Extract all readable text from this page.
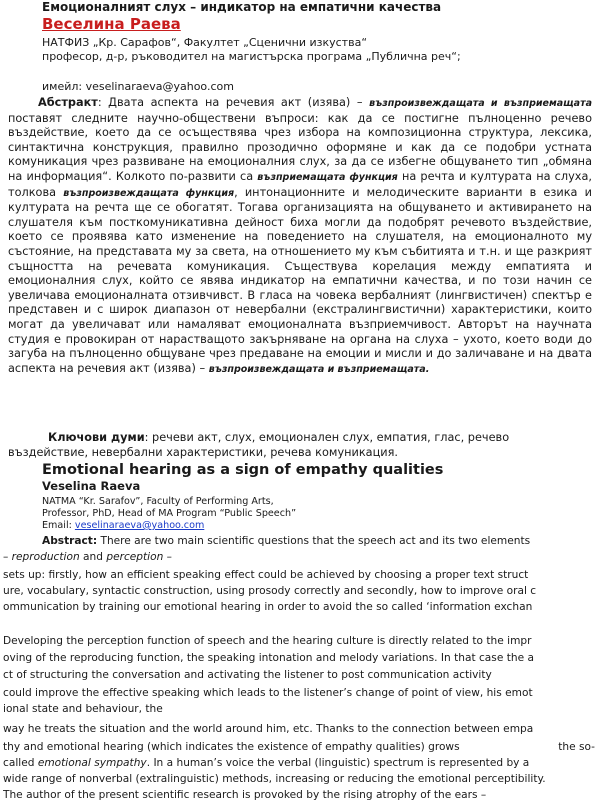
Емоционалният слух – индикатор на емпатични качества
Веселина Раева
НАТФИЗ „Кр. Сарафов“, Факултет „Сценични изкуства“
професор, д-р, ръководител на магистърска програма „Публична реч“;
имейл: veselinaraeva@yahoo.com
Абстракт: Двата аспекта на речевия акт (изява) – възпроизвеждащата и възприемащата поставят следните научно-обществени въпроси: как да се постигне пълноценно речево въздействие, което да се осъществява чрез избора на композиционна структура, лексика, синтактична конструкция, правилно прозодично оформяне и как да се подобри устната комуникация чрез развиване на емоционалния слух, за да се избегне общуването тип „обмяна на информация“. Колкото по-развити са възприемащата функция на речта и културата на слуха, толкова възпроизвеждащата функция, интонационните и мелодическите варианти в езика и културата на речта ще се обогатят. Тогава организацията на общуването и активирането на слушателя към посткомуникативна дейност биха могли да подобрят речевото въздействие, което се проявява като изменение на поведението на слушателя, на емоционалното му състояние, на представата му за света, на отношението му към събитията и т.н. и ще разкрият същността на речевата комуникация. Съществува корелация между емпатията и емоционалния слух, който се явява индикатор на емпатични качества, и по този начин се увеличава емоционалната отзивчивст. В гласа на човека вербалният (лингвистичен) спектър е представен и с широк диапазон от невербални (екстралингвистични) характеристики, които могат да увеличават или намаляват емоционалната възприемчивост. Авторът на научната студия е провокиран от нарастващото закърняване на органа на слуха – ухото, което води до загуба на пълноценно общуване чрез предаване на емоции и мисли и до заличаване и на двата аспекта на речевия акт (изява) – възпроизвеждащата и възприемащата.
Ключови думи: речеви акт, слух, емоционален слух, емпатия, глас, речево въздействие, невербални характеристики, речева комуникация.
Emotional hearing as a sign of empathy qualities
Veselina Raeva
NATMA “Kr. Sarafov”, Faculty of Performing Arts,
Professor, PhD, Head of MA Program “Public Speech”
Email: veselinaraeva@yahoo.com
Abstract: There are two main scientific questions that the speech act and its two elements
– reproduction and perception –
sets up: firstly, how an efficient speaking effect could be achieved by choosing a proper text struct
ure, vocabulary, syntactic construction, using prosody correctly and secondly, how to improve oral c
ommunication by training our emotional hearing in order to avoid the so called ‘information exchan
Developing the perception function of speech and the hearing culture is directly related to the impr
oving of the reproducing function, the speaking intonation and melody variations. In that case the a
ct of structuring the conversation and activating the listener to post communication activity
could improve the effective speaking which leads to the listener’s change of point of view, his emot
ional state and behaviour, the
way he treats the situation and the world around him, etc. Thanks to the connection between empa
thy and emotional hearing (which indicates the existence of empathy qualities) grows	the so-
called emotional sympathy. In a human’s voice the verbal (linguistic) spectrum is represented by a
wide range of nonverbal (extralinguistic) methods, increasing or reducing the emotional perceptibility.
The author of the present scientific research is provoked by the rising atrophy of the ears –
